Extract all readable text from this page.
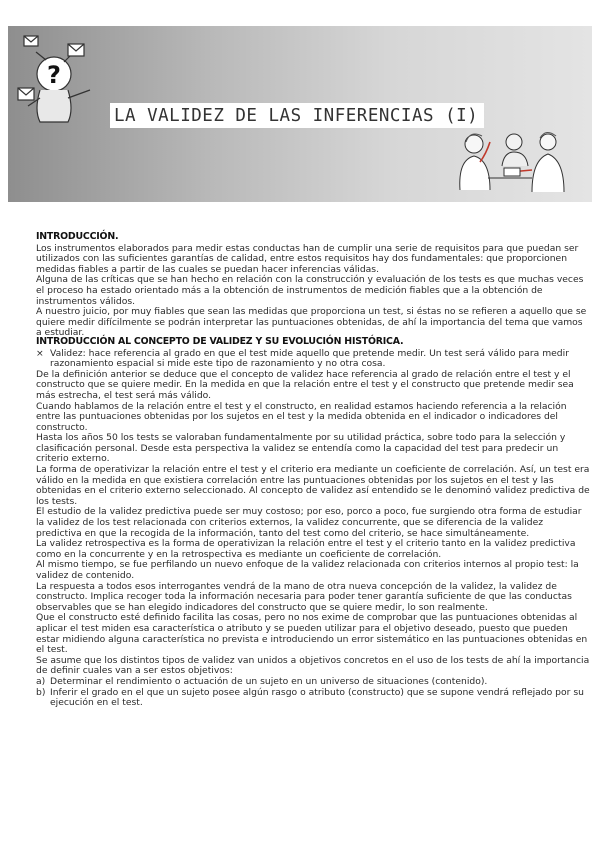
?
LA VALIDEZ DE LAS INFERENCIAS (I)
INTRODUCCIÓN.

Los instrumentos elaborados para medir estas conductas han de cumplir una serie de requisitos para que puedan ser utilizados con las suficientes garantías de calidad, entre estos requisitos hay dos fundamentales: que proporcionen medidas fiables a partir de las cuales se puedan hacer inferencias válidas.

Alguna de las críticas que se han hecho en relación con la construcción y evaluación de los tests es que muchas veces el proceso ha estado orientado más a la obtención de instrumentos de medición fiables que a la obtención de instrumentos válidos.

A nuestro juicio, por muy fiables que sean las medidas que proporciona un test, si éstas no se refieren a aquello que se quiere medir difícilmente se podrán interpretar las puntuaciones obtenidas, de ahí la importancia del tema que vamos a estudiar.

INTRODUCCIÓN AL CONCEPTO DE VALIDEZ Y SU EVOLUCIÓN HISTÓRICA.
× Validez: hace referencia al grado en que el test mide aquello que pretende medir. Un test será válido para medir razonamiento espacial si mide este tipo de razonamiento y no otra cosa.

De la definición anterior se deduce que el concepto de validez hace referencia al grado de relación entre el test y el constructo que se quiere medir. En la medida en que la relación entre el test y el constructo que pretende medir sea más estrecha, el test será más válido.

Cuando hablamos de la relación entre el test y el constructo, en realidad estamos haciendo referencia a la relación entre las puntuaciones obtenidas por los sujetos en el test y la medida obtenida en el indicador o indicadores del constructo.

Hasta los años 50 los tests se valoraban fundamentalmente por su utilidad práctica, sobre todo para la selección y clasificación personal. Desde esta perspectiva la validez se entendía como la capacidad del test para predecir un criterio externo.

La forma de operativizar la relación entre el test y el criterio era mediante un coeficiente de correlación. Así, un test era válido en la medida en que existiera correlación entre las puntuaciones obtenidas por los sujetos en el test y las obtenidas en el criterio externo seleccionado. Al concepto de validez así entendido se le denominó validez predictiva de los tests.

El estudio de la validez predictiva puede ser muy costoso; por eso, porco a poco, fue surgiendo otra forma de estudiar la validez de los test relacionada con criterios externos, la validez concurrente, que se diferencia de la validez predictiva en que la recogida de la información, tanto del test como del criterio, se hace simultáneamente.

La validez retrospectiva es la forma de operativizan la relación entre el test y el criterio tanto en la validez predictiva como en la concurrente y en la retrospectiva es mediante un coeficiente de correlación.

Al mismo tiempo, se fue perfilando un nuevo enfoque de la validez relacionada con criterios internos al propio test: la validez de contenido.

La respuesta a todos esos interrogantes vendrá de la mano de otra nueva concepción de la validez, la validez de constructo. Implica recoger toda la información necesaria para poder tener garantía suficiente de que las conductas observables que se han elegido indicadores del constructo que se quiere medir, lo son realmente.

Que el constructo esté definido facilita las cosas, pero no nos exime de comprobar que las puntuaciones obtenidas al aplicar el test miden esa característica o atributo y se pueden utilizar para el objetivo deseado, puesto que pueden estar midiendo alguna característica no prevista e introduciendo un error sistemático en las puntuaciones obtenidas en el test.

Se asume que los distintos tipos de validez van unidos a objetivos concretos en el uso de los tests de ahí la importancia de definir cuales van a ser estos objetivos:

a) Determinar el rendimiento o actuación de un sujeto en un universo de situaciones (contenido).
b) Inferir el grado en el que un sujeto posee algún rasgo o atributo (constructo) que se supone vendrá reflejado por su ejecución en el test.
